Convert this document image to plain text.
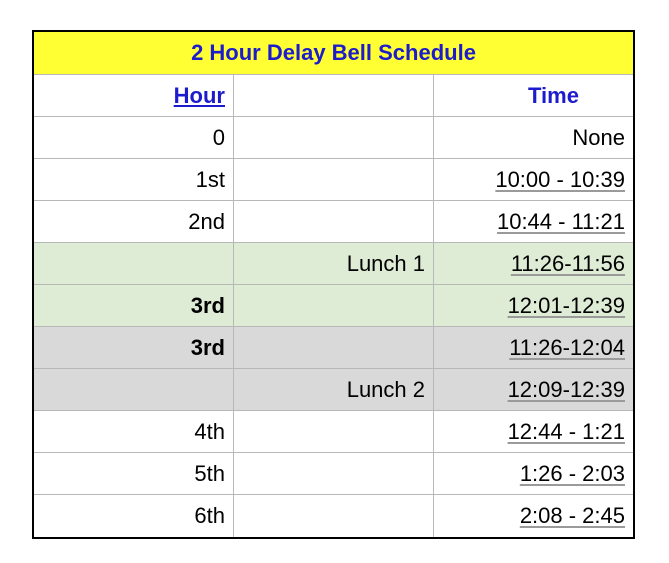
2 Hour Delay Bell Schedule
Hour	Time
0	None
1st	10:00 - 10:39
2nd	10:44 - 11:21
Lunch 1	11:26-11:56
3rd	12:01-12:39
3rd	11:26-12:04
Lunch 2	12:09-12:39
4th	12:44 - 1:21
5th	1:26 - 2:03
6th	2:08 - 2:45
